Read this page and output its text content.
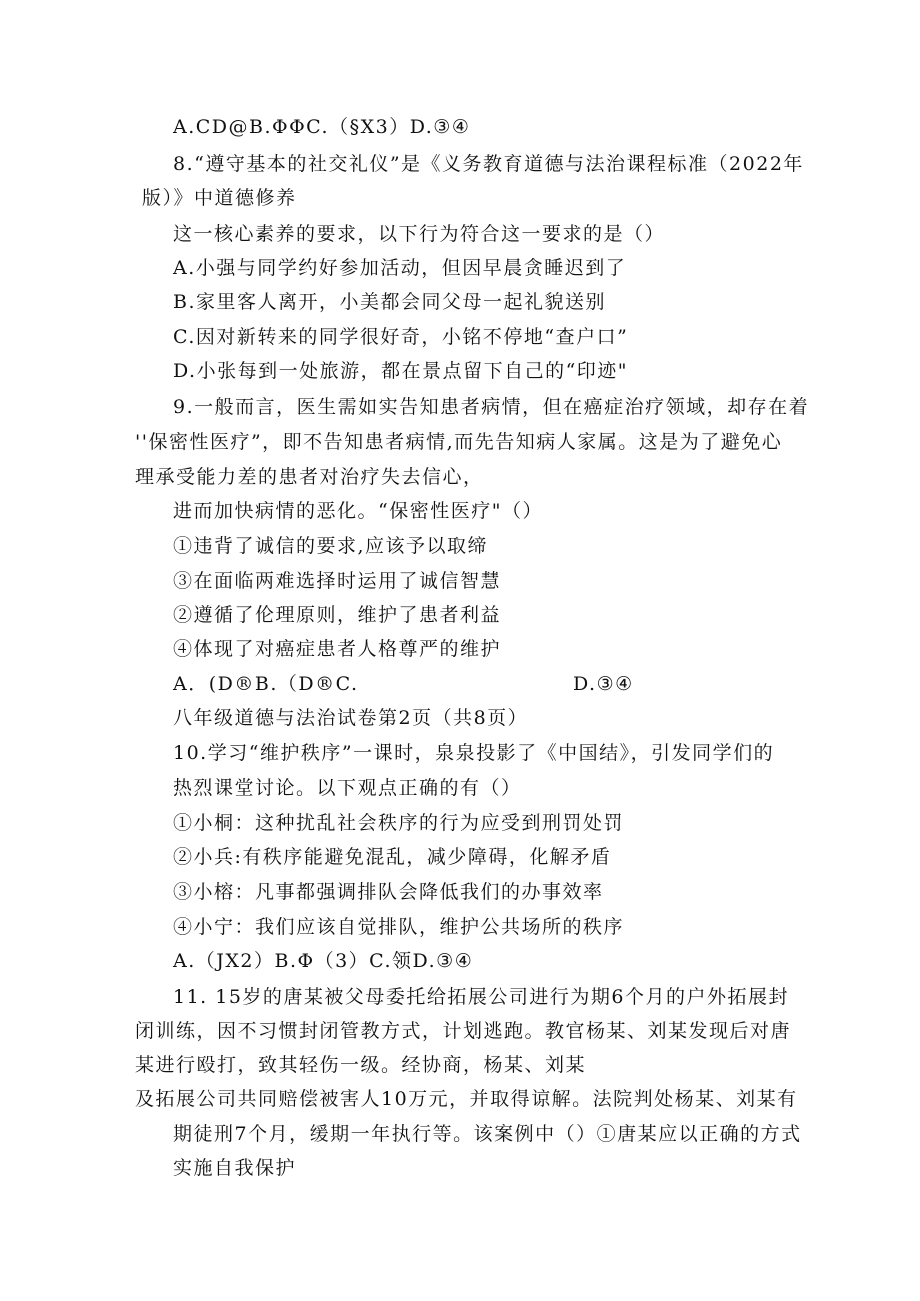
A.CD@B.ΦΦC.（§X3）D.③④
8.“遵守基本的社交礼仪”是《义务教育道德与法治课程标准（2022年
版）》中道德修养
这一核心素养的要求，以下行为符合这一要求的是（）
A.小强与同学约好参加活动，但因早晨贪睡迟到了
B.家里客人离开，小美都会同父母一起礼貌送别
C.因对新转来的同学很好奇，小铭不停地“查户口”
D.小张每到一处旅游，都在景点留下自己的“印迹"
9.一般而言，医生需如实告知患者病情，但在癌症治疗领域，却存在着
''保密性医疗”，即不告知患者病情,而先告知病人家属。这是为了避免心
理承受能力差的患者对治疗失去信心，
进而加快病情的恶化。“保密性医疗"（）
①违背了诚信的要求,应该予以取缔
③在面临两难选择时运用了诚信智慧
②遵循了伦理原则，维护了患者利益
④体现了对癌症患者人格尊严的维护
A．(D®B.（D®C.	D.③④
八年级道德与法治试卷第2页（共8页）
10.学习“维护秩序”一课时，泉泉投影了《中国结》，引发同学们的
热烈课堂讨论。以下观点正确的有（）
①小桐：这种扰乱社会秩序的行为应受到刑罚处罚
②小兵:有秩序能避免混乱，减少障碍，化解矛盾
③小榕：凡事都强调排队会降低我们的办事效率
④小宁：我们应该自觉排队，维护公共场所的秩序
A.（JX2）B.Φ（3）C.领D.③④
11. 15岁的唐某被父母委托给拓展公司进行为期6个月的户外拓展封
闭训练，因不习惯封闭管教方式，计划逃跑。教官杨某、刘某发现后对唐
某进行殴打，致其轻伤一级。经协商，杨某、刘某
及拓展公司共同赔偿被害人10万元，并取得谅解。法院判处杨某、刘某有
期徒刑7个月，缓期一年执行等。该案例中（）①唐某应以正确的方式
实施自我保护
